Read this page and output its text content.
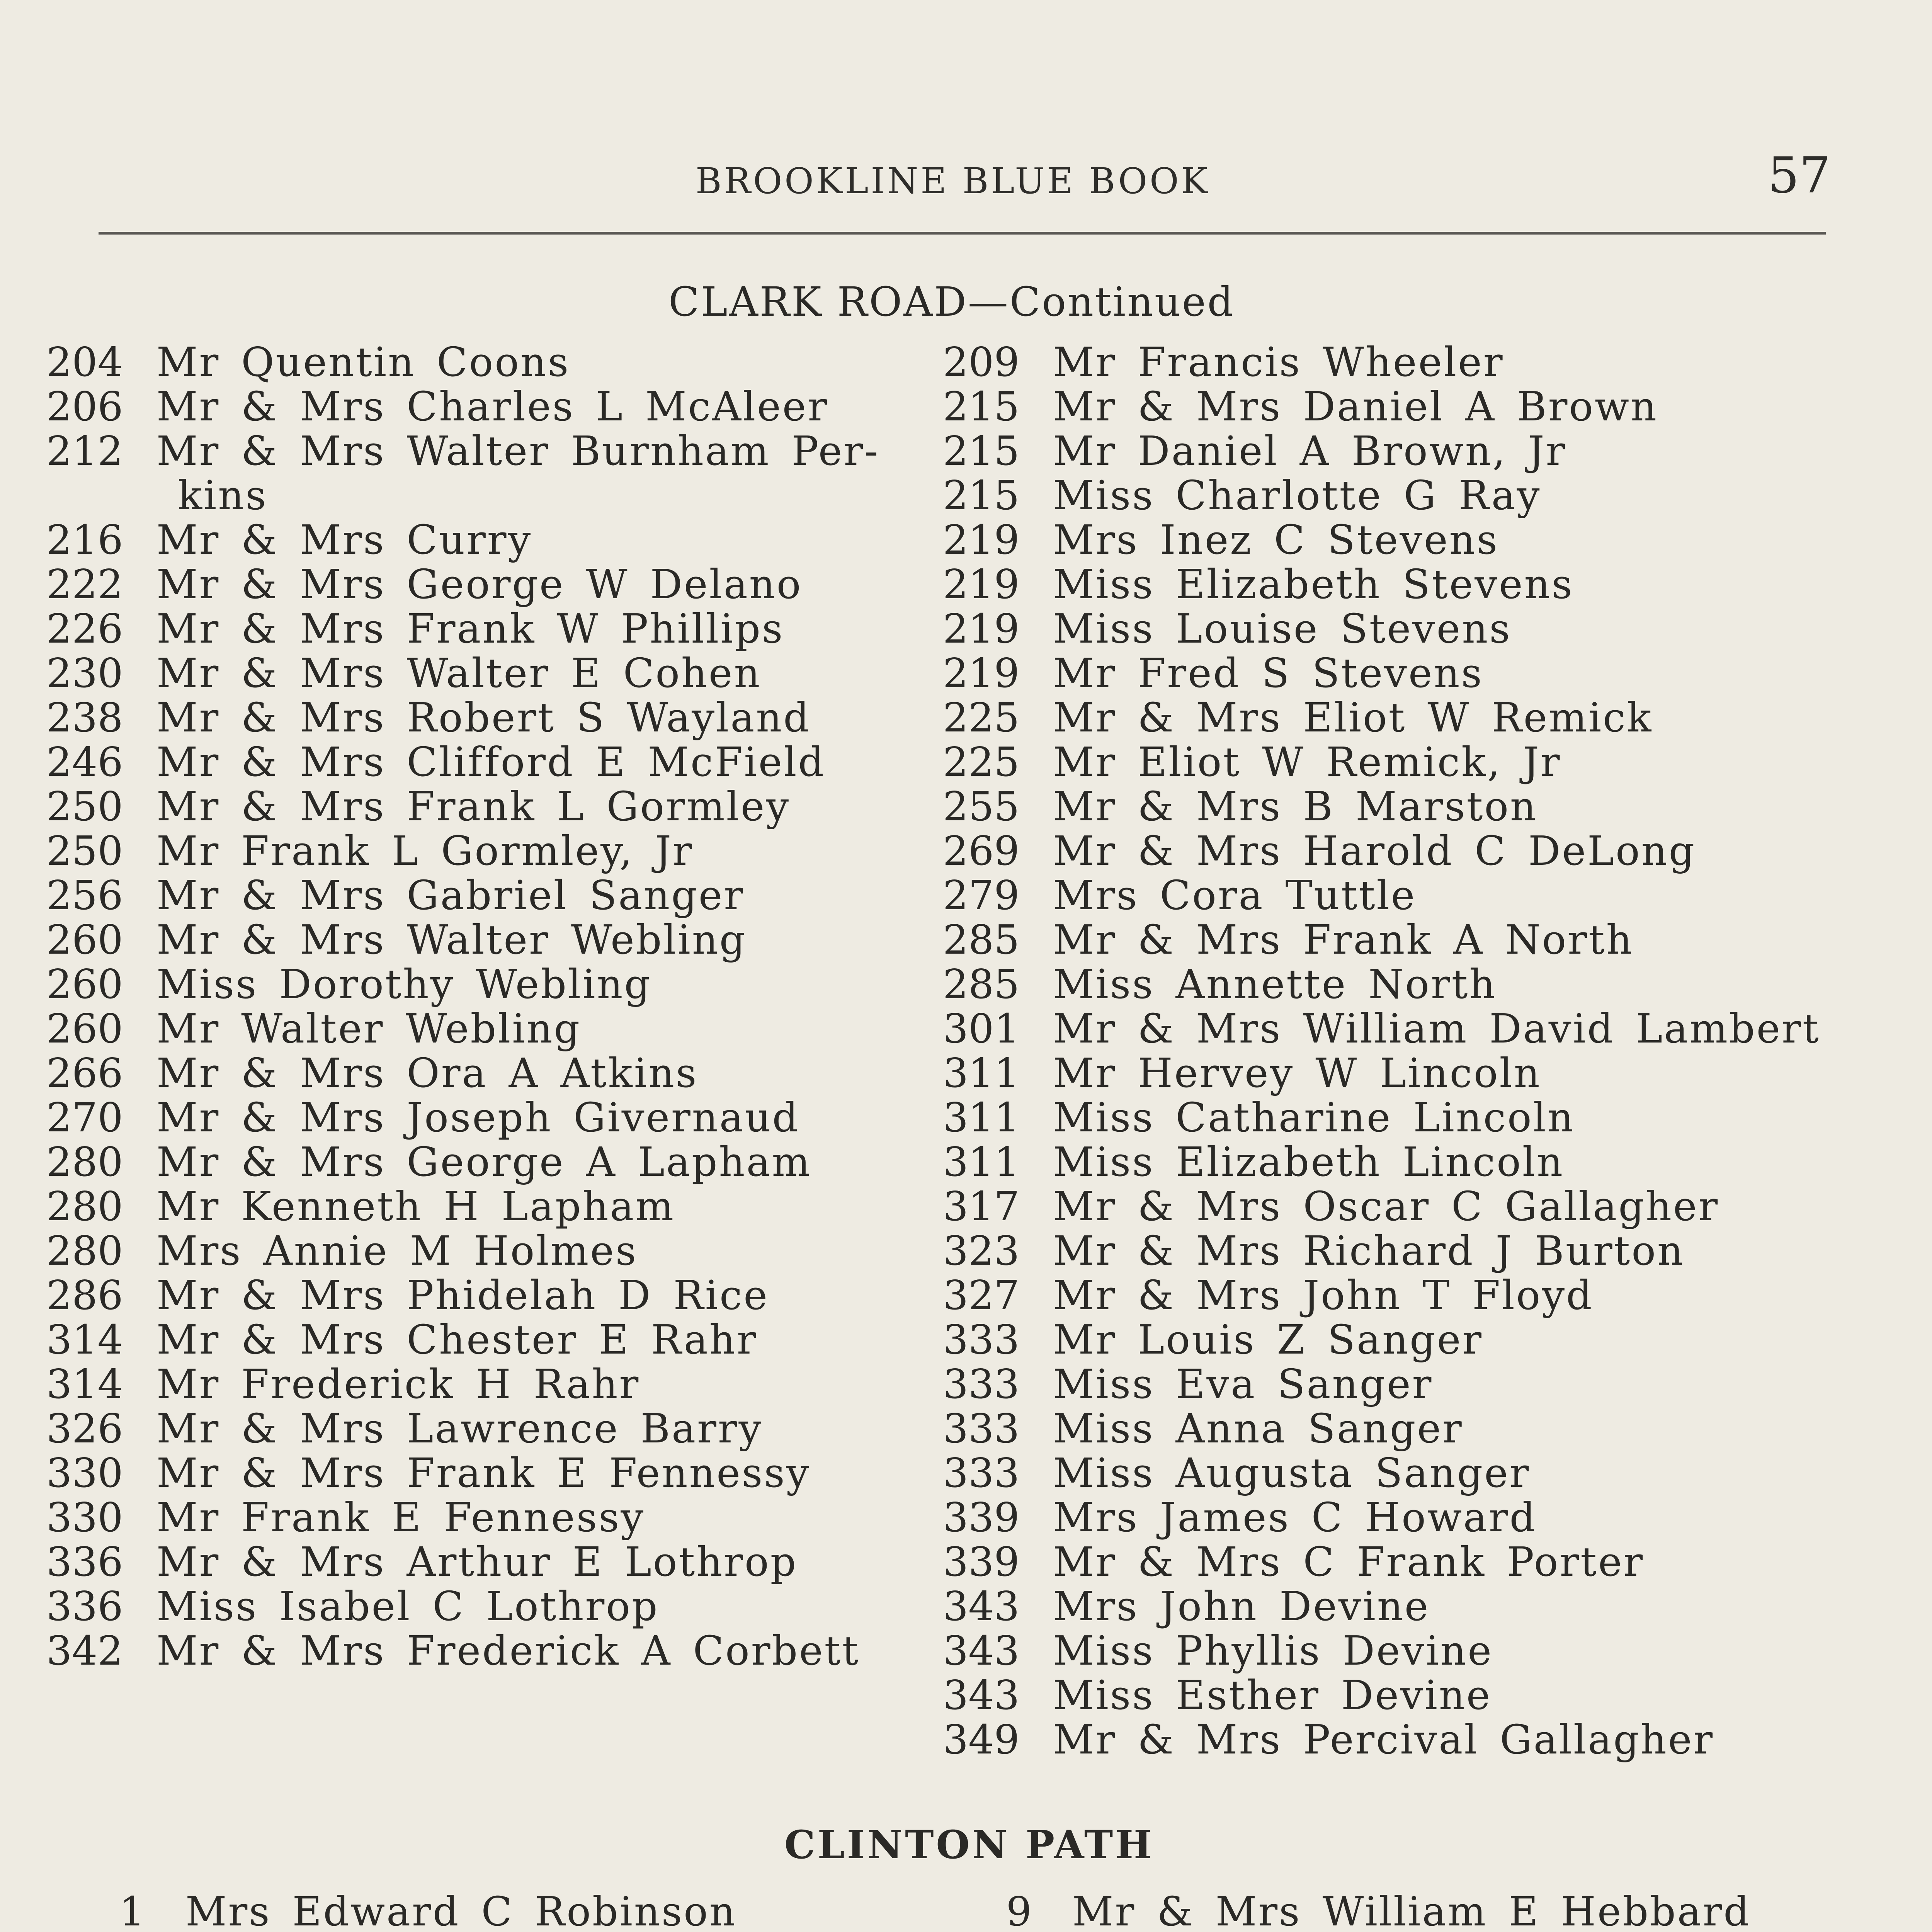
BROOKLINE BLUE BOOK	57
CLARK ROAD—Continued
204 Mr Quentin Coons
206 Mr & Mrs Charles L McAleer
212 Mr & Mrs Walter Burnham Per-
kins
216 Mr & Mrs Curry
222 Mr & Mrs George W Delano
226 Mr & Mrs Frank W Phillips
230 Mr & Mrs Walter E Cohen
238 Mr & Mrs Robert S Wayland
246 Mr & Mrs Clifford E McField
250 Mr & Mrs Frank L Gormley
250 Mr Frank L Gormley, Jr
256 Mr & Mrs Gabriel Sanger
260 Mr & Mrs Walter Webling
260 Miss Dorothy Webling
260 Mr Walter Webling
266 Mr & Mrs Ora A Atkins
270 Mr & Mrs Joseph Givernaud
280 Mr & Mrs George A Lapham
280 Mr Kenneth H Lapham
280 Mrs Annie M Holmes
286 Mr & Mrs Phidelah D Rice
314 Mr & Mrs Chester E Rahr
314 Mr Frederick H Rahr
326 Mr & Mrs Lawrence Barry
330 Mr & Mrs Frank E Fennessy
330 Mr Frank E Fennessy
336 Mr & Mrs Arthur E Lothrop
336 Miss Isabel C Lothrop
342 Mr & Mrs Frederick A Corbett
209 Mr Francis Wheeler
215 Mr & Mrs Daniel A Brown
215 Mr Daniel A Brown, Jr
215 Miss Charlotte G Ray
219 Mrs Inez C Stevens
219 Miss Elizabeth Stevens
219 Miss Louise Stevens
219 Mr Fred S Stevens
225 Mr & Mrs Eliot W Remick
225 Mr Eliot W Remick, Jr
255 Mr & Mrs B Marston
269 Mr & Mrs Harold C DeLong
279 Mrs Cora Tuttle
285 Mr & Mrs Frank A North
285 Miss Annette North
301 Mr & Mrs William David Lambert
311 Mr Hervey W Lincoln
311 Miss Catharine Lincoln
311 Miss Elizabeth Lincoln
317 Mr & Mrs Oscar C Gallagher
323 Mr & Mrs Richard J Burton
327 Mr & Mrs John T Floyd
333 Mr Louis Z Sanger
333 Miss Eva Sanger
333 Miss Anna Sanger
333 Miss Augusta Sanger
339 Mrs James C Howard
339 Mr & Mrs C Frank Porter
343 Mrs John Devine
343 Miss Phyllis Devine
343 Miss Esther Devine
349 Mr & Mrs Percival Gallagher
CLINTON PATH
1 Mrs Edward C Robinson	9 Mr & Mrs William E Hebbard
